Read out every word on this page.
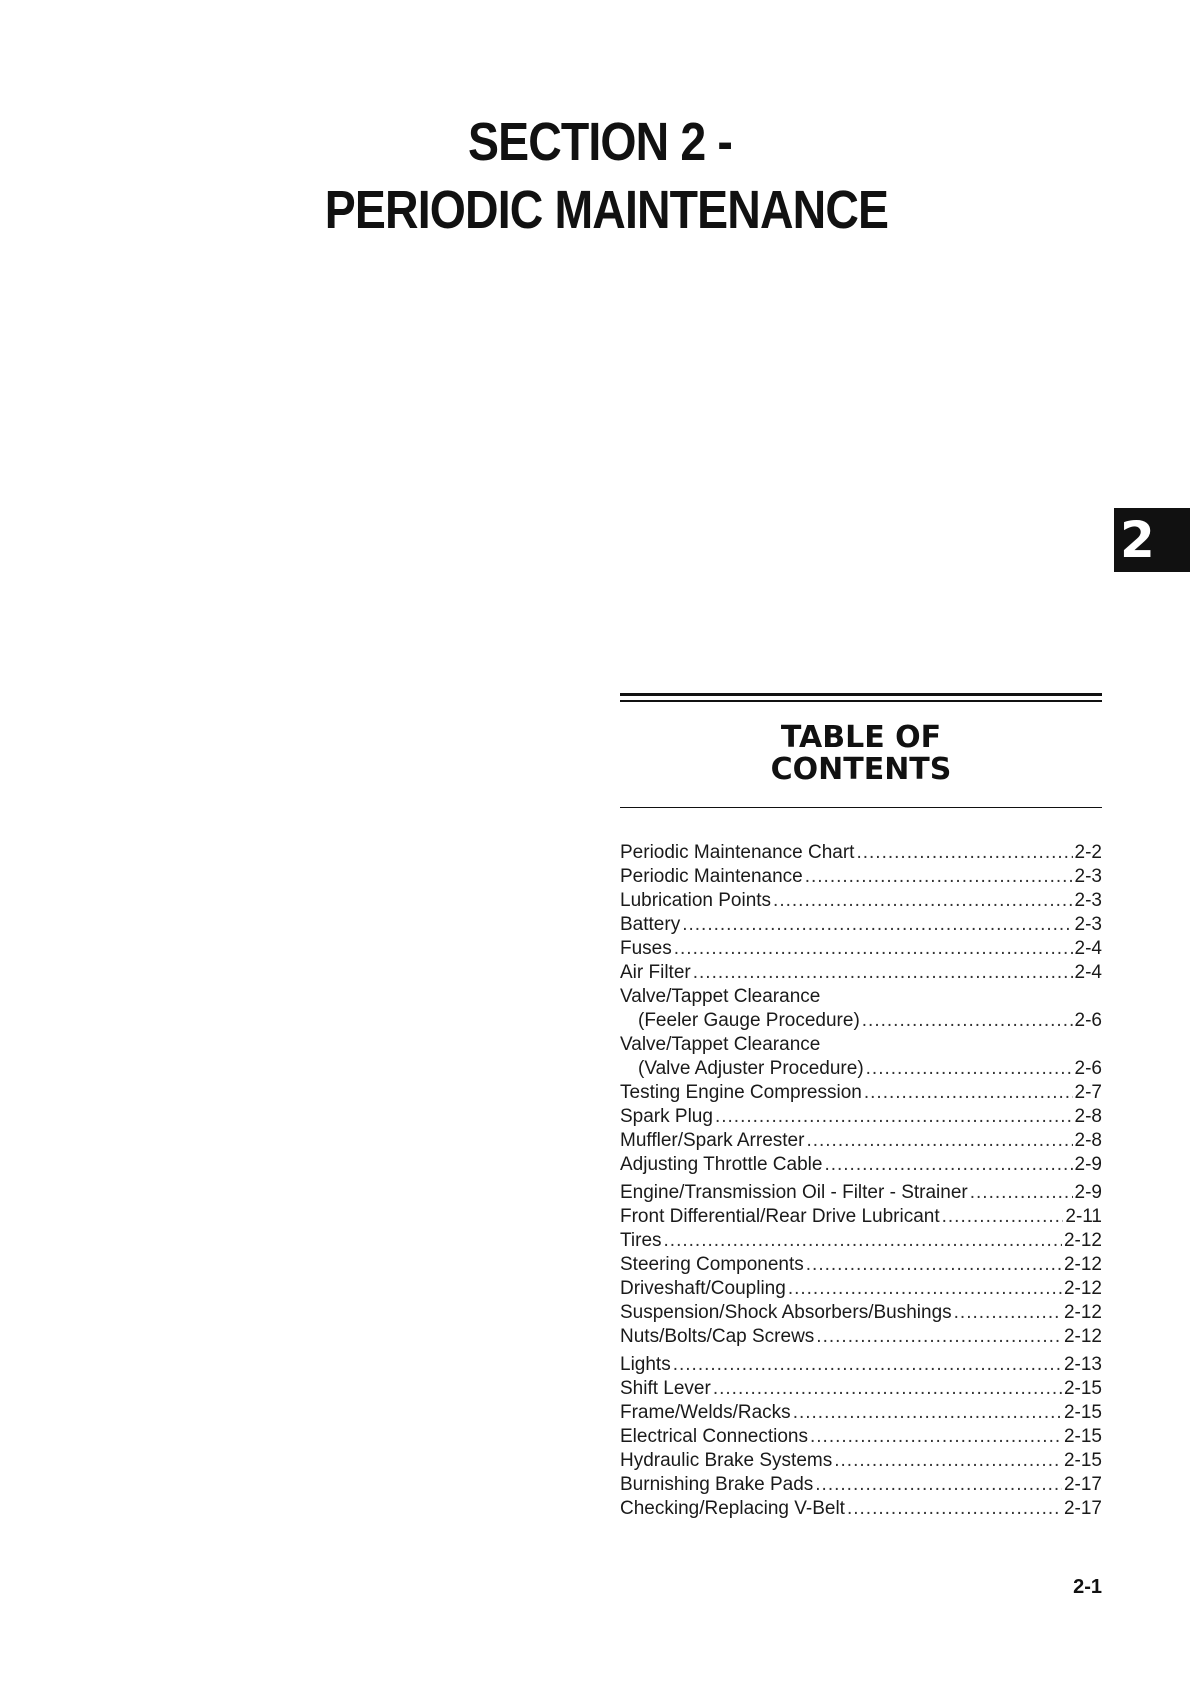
SECTION 2 -
PERIODIC MAINTENANCE
2
TABLE OF
CONTENTS
Periodic Maintenance Chart .....	2-2
Periodic Maintenance .....	2-3
Lubrication Points .....	2-3
Battery .....	2-3
Fuses .....	2-4
Air Filter .....	2-4
Valve/Tappet Clearance
(Feeler Gauge Procedure) .....	2-6
Valve/Tappet Clearance
(Valve Adjuster Procedure) .....	2-6
Testing Engine Compression .....	2-7
Spark Plug .....	2-8
Muffler/Spark Arrester .....	2-8
Adjusting Throttle Cable .....	2-9
Engine/Transmission Oil - Filter - Strainer .....	2-9
Front Differential/Rear Drive Lubricant .....	2-11
Tires .....	2-12
Steering Components .....	2-12
Driveshaft/Coupling .....	2-12
Suspension/Shock Absorbers/Bushings .....	2-12
Nuts/Bolts/Cap Screws .....	2-12
Lights .....	2-13
Shift Lever .....	2-15
Frame/Welds/Racks .....	2-15
Electrical Connections .....	2-15
Hydraulic Brake Systems .....	2-15
Burnishing Brake Pads .....	2-17
Checking/Replacing V-Belt .....	2-17
2-1
